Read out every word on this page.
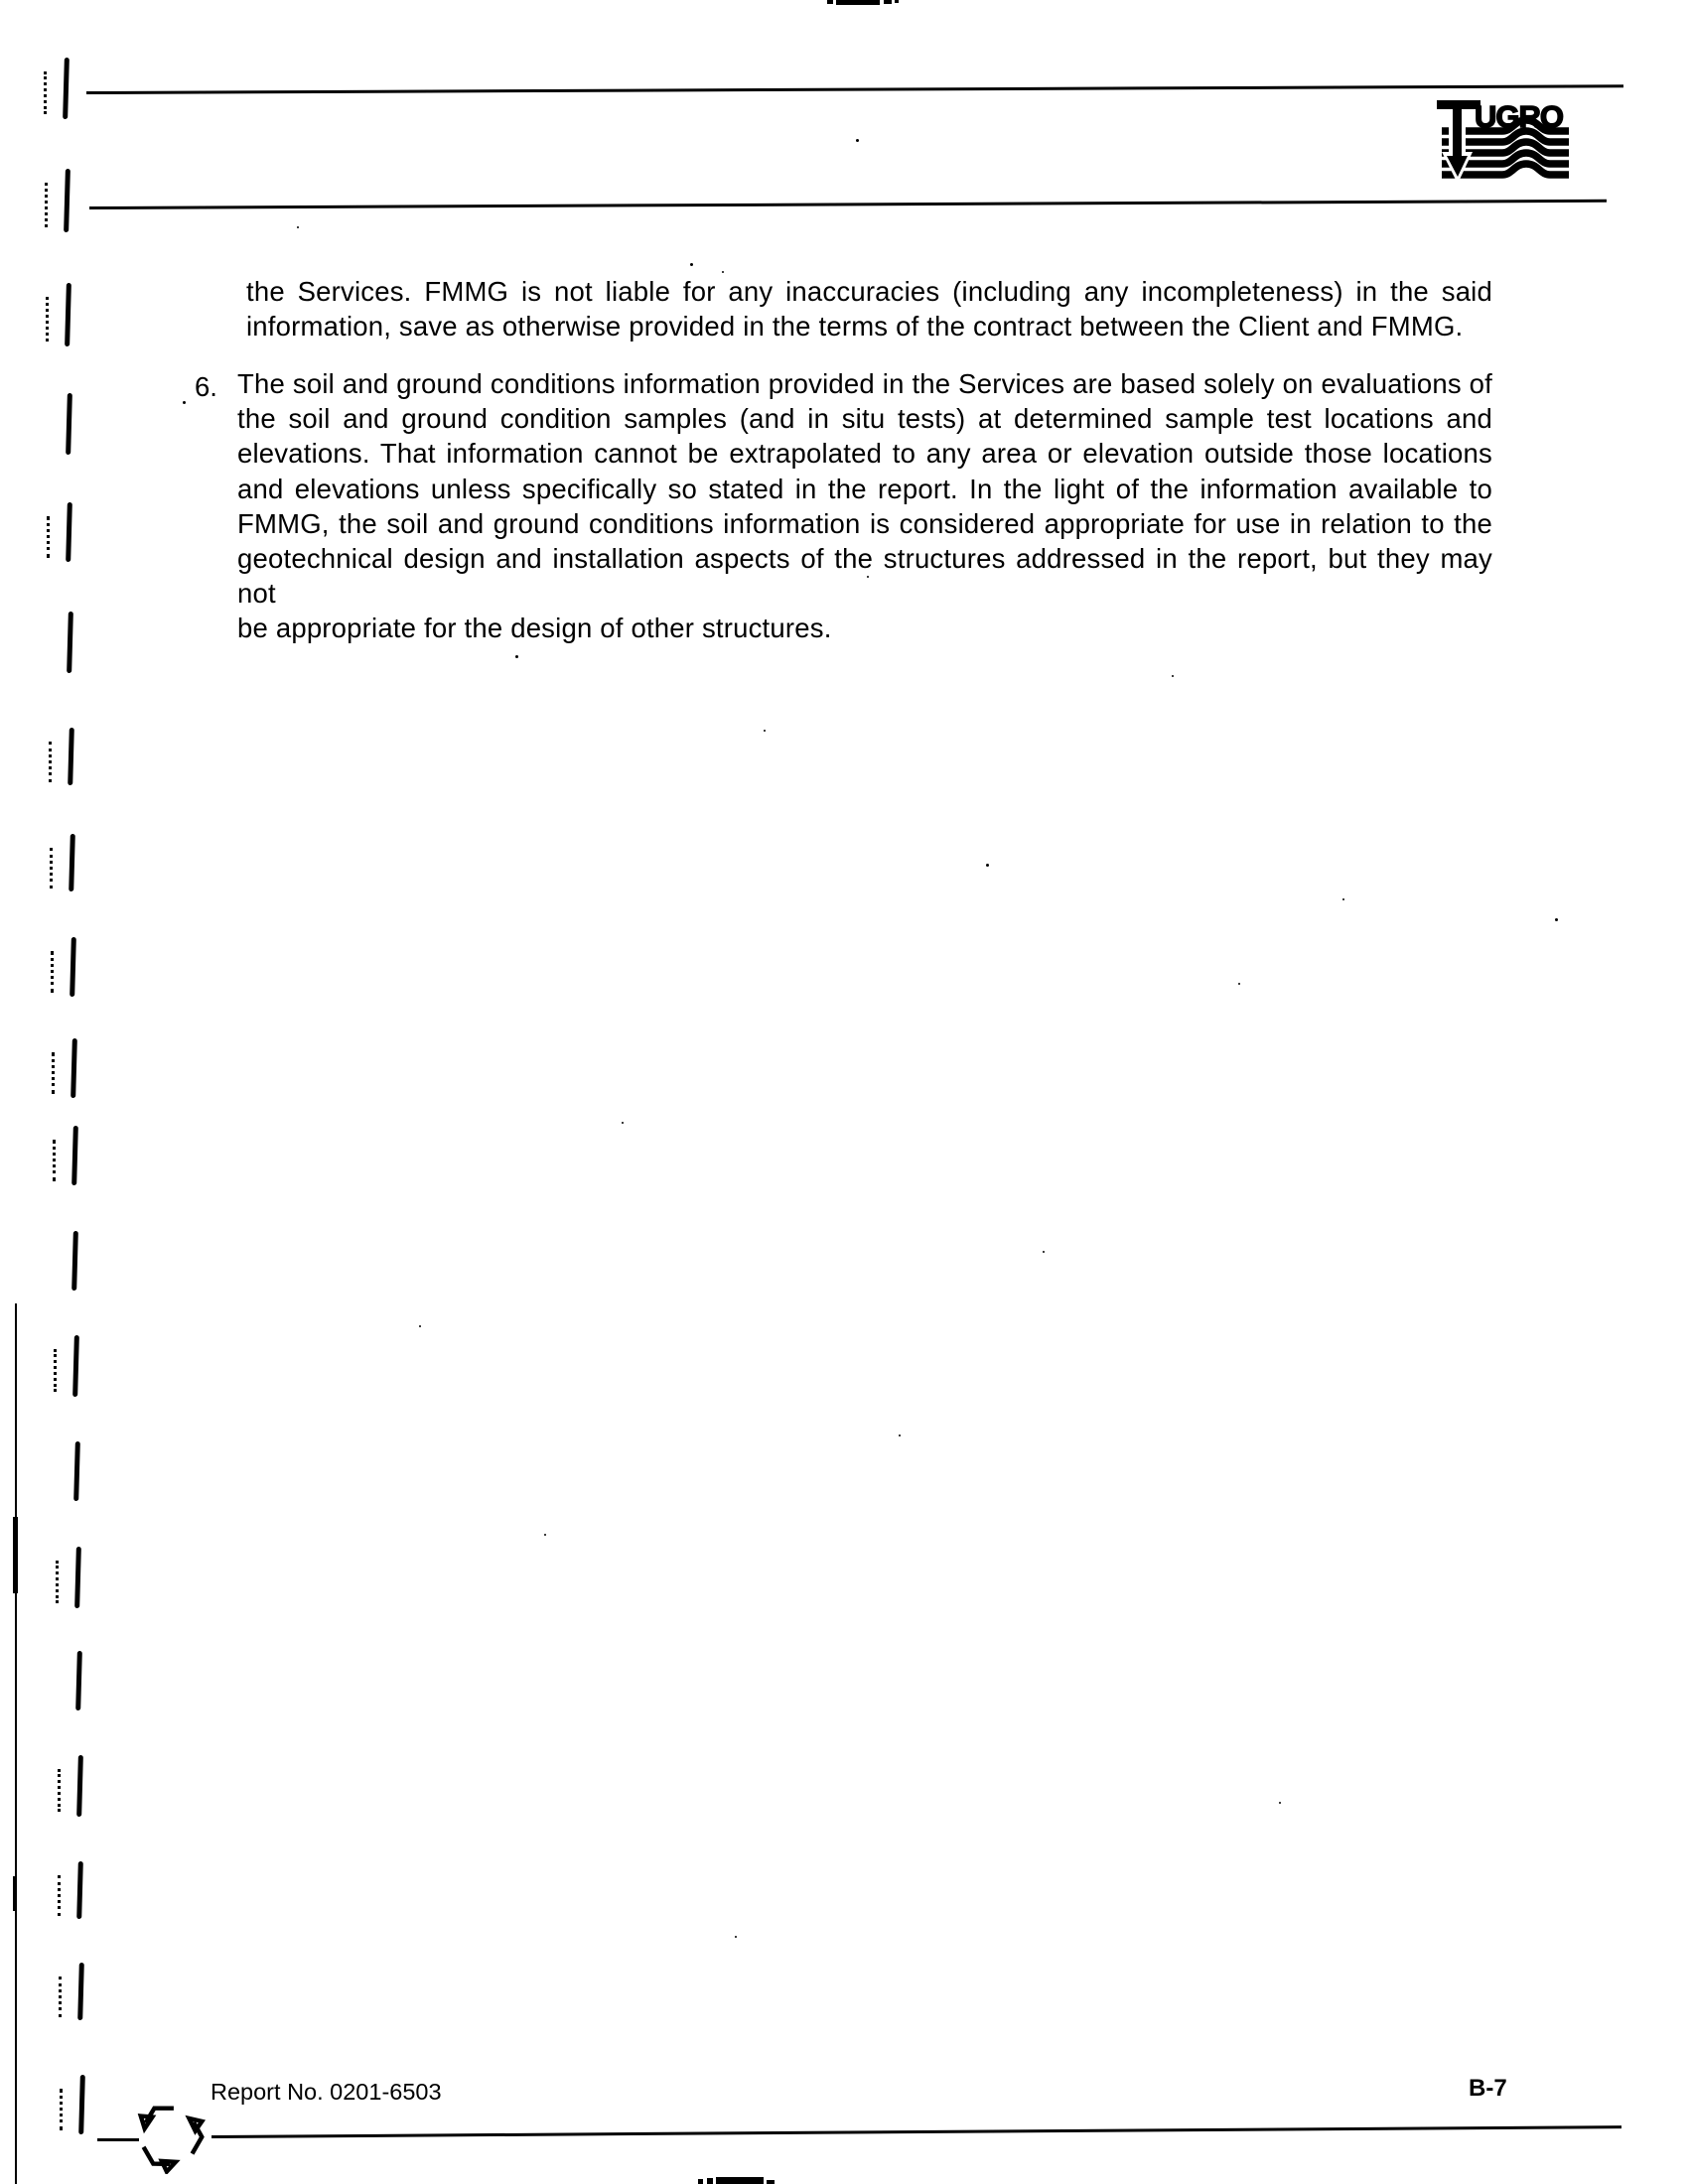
UGRO
the Services. FMMG is not liable for any inaccuracies (including any incompleteness) in the said
information, save as otherwise provided in the terms of the contract between the Client and FMMG.
6. The soil and ground conditions information provided in the Services are based solely on evaluations of
the soil and ground condition samples (and in situ tests) at determined sample test locations and
elevations. That information cannot be extrapolated to any area or elevation outside those locations
and elevations unless specifically so stated in the report. In the light of the information available to
FMMG, the soil and ground conditions information is considered appropriate for use in relation to the
geotechnical design and installation aspects of the structures addressed in the report, but they may not
be appropriate for the design of other structures.
Report No. 0201-6503	B-7
